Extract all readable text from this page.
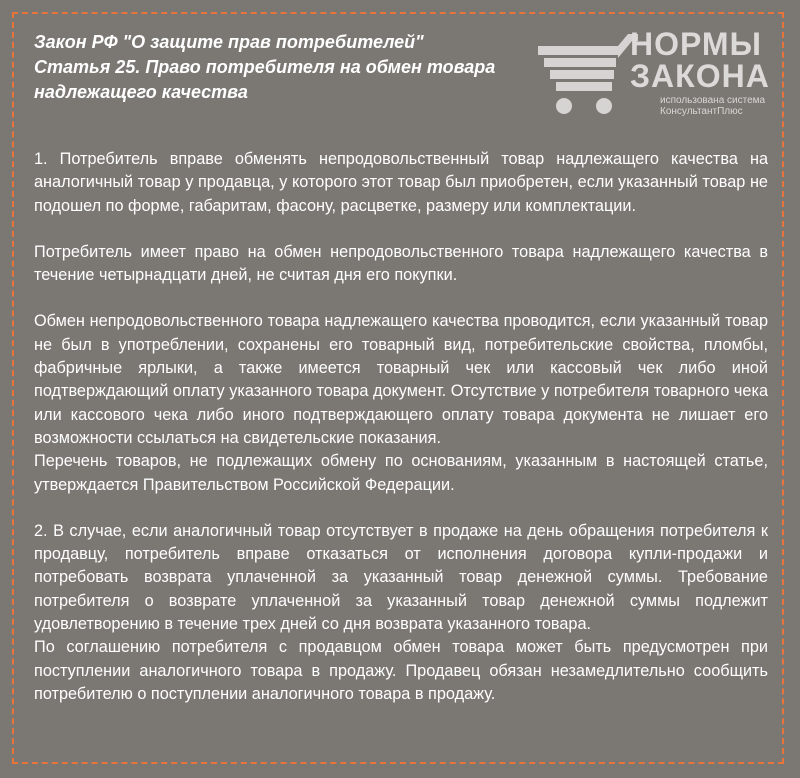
Закон РФ "О защите прав потребителей"
Статья 25. Право потребителя на обмен товара
надлежащего качества
НОРМЫ
ЗАКОНА
использована система
КонсультантПлюс

1. Потребитель вправе обменять непродовольственный товар надлежащего качества на аналогичный товар у продавца, у которого этот товар был приобретен, если указанный товар не подошел по форме, габаритам, фасону, расцветке, размеру или комплектации.

Потребитель имеет право на обмен непродовольственного товара надлежащего качества в течение четырнадцати дней, не считая дня его покупки.

Обмен непродовольственного товара надлежащего качества проводится, если указанный товар не был в употреблении, сохранены его товарный вид, потребительские свойства, пломбы, фабричные ярлыки, а также имеется товарный чек или кассовый чек либо иной подтверждающий оплату указанного товара документ. Отсутствие у потребителя товарного чека или кассового чека либо иного подтверждающего оплату товара документа не лишает его возможности ссылаться на свидетельские показания.

Перечень товаров, не подлежащих обмену по основаниям, указанным в настоящей статье, утверждается Правительством Российской Федерации.

2. В случае, если аналогичный товар отсутствует в продаже на день обращения потребителя к продавцу, потребитель вправе отказаться от исполнения договора купли-продажи и потребовать возврата уплаченной за указанный товар денежной суммы. Требование потребителя о возврате уплаченной за указанный товар денежной суммы подлежит удовлетворению в течение трех дней со дня возврата указанного товара.

По соглашению потребителя с продавцом обмен товара может быть предусмотрен при поступлении аналогичного товара в продажу. Продавец обязан незамедлительно сообщить потребителю о поступлении аналогичного товара в продажу.
